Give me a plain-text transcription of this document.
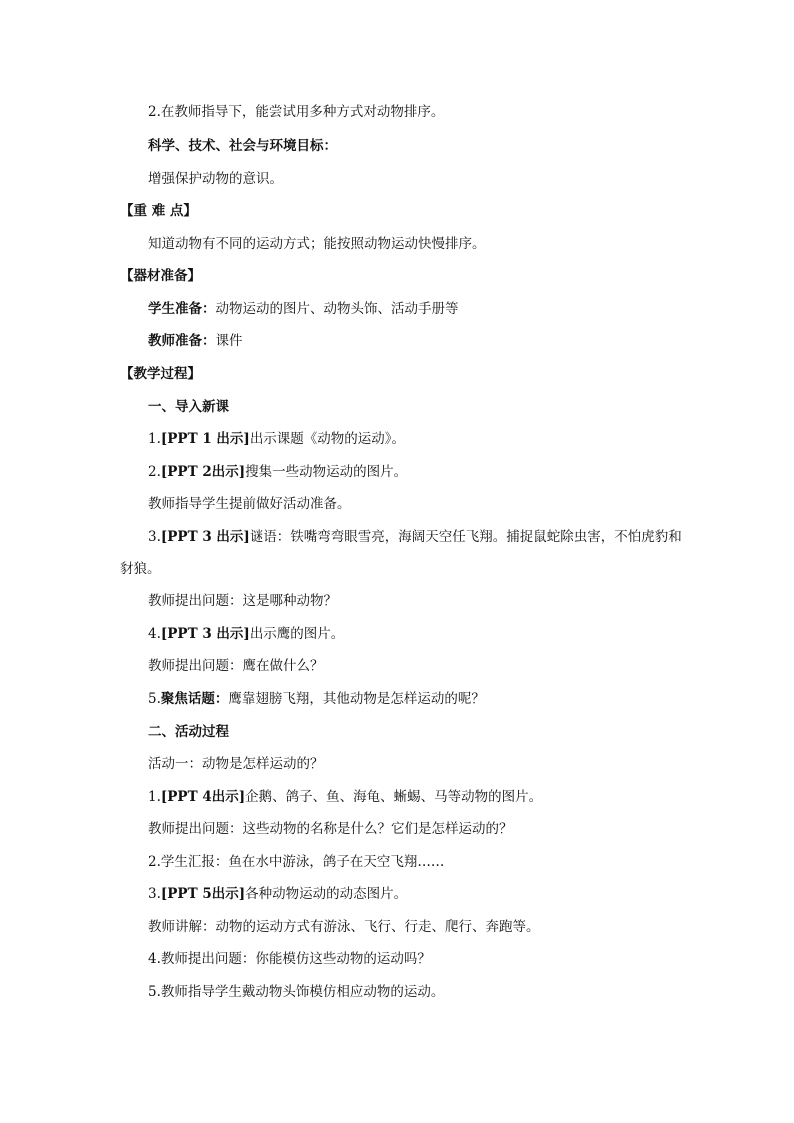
2.在教师指导下，能尝试用多种方式对动物排序。
科学、技术、社会与环境目标：
增强保护动物的意识。
【重 难 点】
知道动物有不同的运动方式；能按照动物运动快慢排序。
【器材准备】
学生准备：动物运动的图片、动物头饰、活动手册等
教师准备：课件
【教学过程】
一、导入新课
1.[PPT 1 出示]出示课题《动物的运动》。
2.[PPT 2出示]搜集一些动物运动的图片。
教师指导学生提前做好活动准备。
3.[PPT 3 出示]谜语：铁嘴弯弯眼雪亮，海阔天空任飞翔。捕捉鼠蛇除虫害，不怕虎豹和
豺狼。
教师提出问题：这是哪种动物？
4.[PPT 3 出示]出示鹰的图片。
教师提出问题：鹰在做什么？
5.聚焦话题：鹰靠翅膀飞翔，其他动物是怎样运动的呢？
二、活动过程
活动一：动物是怎样运动的？
1.[PPT 4出示]企鹅、鸽子、鱼、海龟、蜥蜴、马等动物的图片。
教师提出问题：这些动物的名称是什么？它们是怎样运动的？
2.学生汇报：鱼在水中游泳，鸽子在天空飞翔……
3.[PPT 5出示]各种动物运动的动态图片。
教师讲解：动物的运动方式有游泳、飞行、行走、爬行、奔跑等。
4.教师提出问题：你能模仿这些动物的运动吗？
5.教师指导学生戴动物头饰模仿相应动物的运动。
